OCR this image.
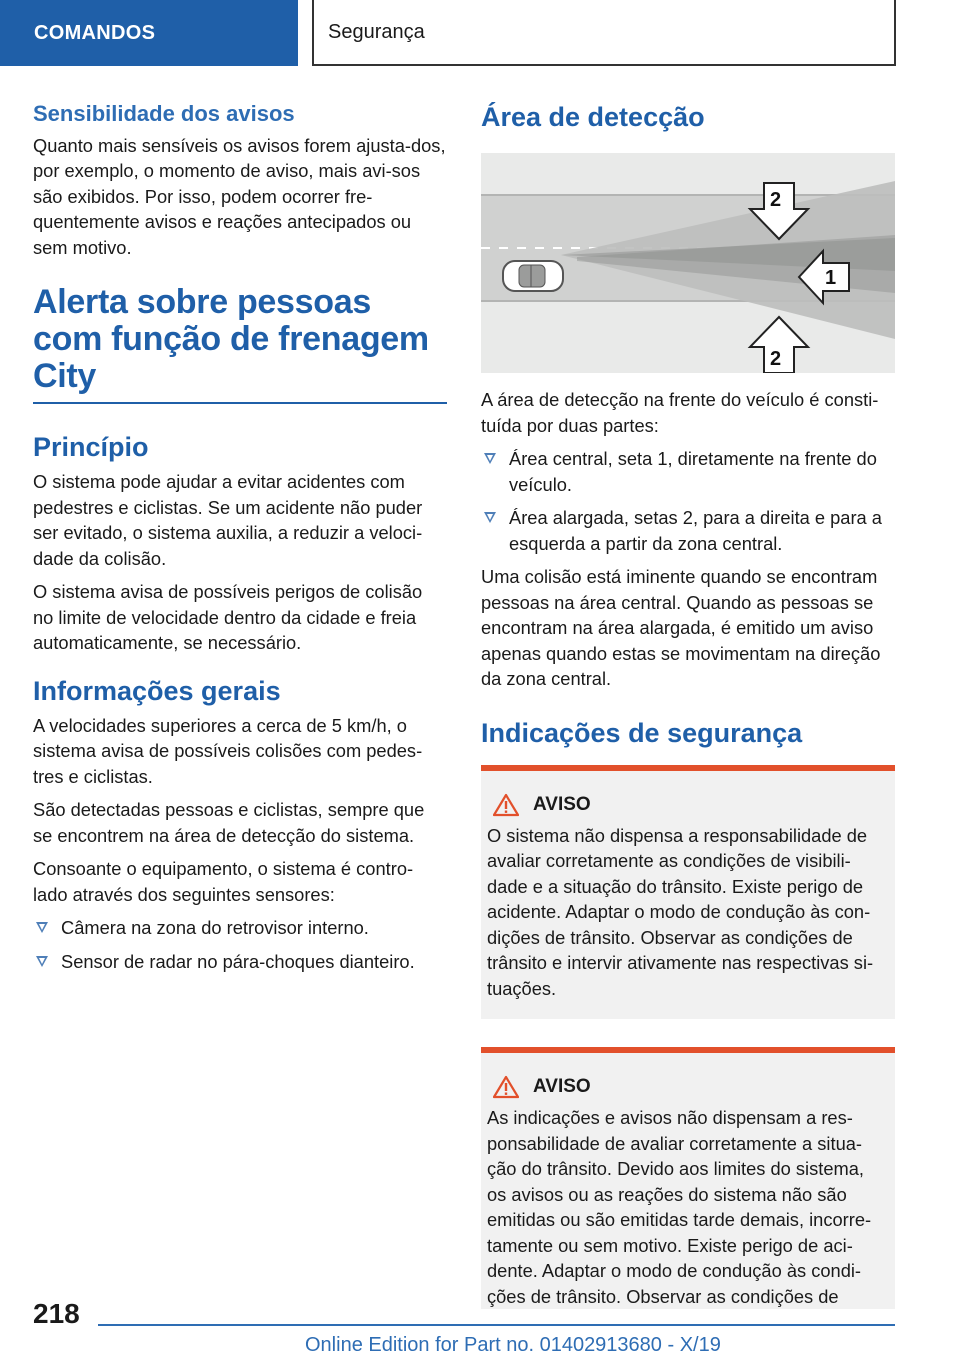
COMANDOS	Segurança
Sensibilidade dos avisos
Quanto mais sensíveis os avisos forem ajusta-dos, por exemplo, o momento de aviso, mais avi-sos são exibidos. Por isso, podem ocorrer fre-quentemente avisos e reações antecipados ou sem motivo.
Alerta sobre pessoas com função de frenagem City
Princípio
O sistema pode ajudar a evitar acidentes com pedestres e ciclistas. Se um acidente não puder ser evitado, o sistema auxilia, a reduzir a veloci-dade da colisão.
O sistema avisa de possíveis perigos de colisão no limite de velocidade dentro da cidade e freia automaticamente, se necessário.
Informações gerais
A velocidades superiores a cerca de 5 km/h, o sistema avisa de possíveis colisões com pedes-tres e ciclistas.
São detectadas pessoas e ciclistas, sempre que se encontrem na área de detecção do sistema.
Consoante o equipamento, o sistema é contro-lado através dos seguintes sensores:
Câmera na zona do retrovisor interno.
Sensor de radar no pára-choques dianteiro.
Área de detecção
1
2
2
A área de detecção na frente do veículo é consti-tuída por duas partes:
Área central, seta 1, diretamente na frente do veículo.
Área alargada, setas 2, para a direita e para a esquerda a partir da zona central.
Uma colisão está iminente quando se encontram pessoas na área central. Quando as pessoas se encontram na área alargada, é emitido um aviso apenas quando estas se movimentam na direção da zona central.
Indicações de segurança
AVISO
O sistema não dispensa a responsabilidade de avaliar corretamente as condições de visibili-dade e a situação do trânsito. Existe perigo de acidente. Adaptar o modo de condução às con-dições de trânsito. Observar as condições de trânsito e intervir ativamente nas respectivas si-tuações.
AVISO
As indicações e avisos não dispensam a res-ponsabilidade de avaliar corretamente a situa-ção do trânsito. Devido aos limites do sistema, os avisos ou as reações do sistema não são emitidas ou são emitidas tarde demais, incorre-tamente ou sem motivo. Existe perigo de aci-dente. Adaptar o modo de condução às condi-ções de trânsito. Observar as condições de
218
Online Edition for Part no. 01402913680 - X/19
